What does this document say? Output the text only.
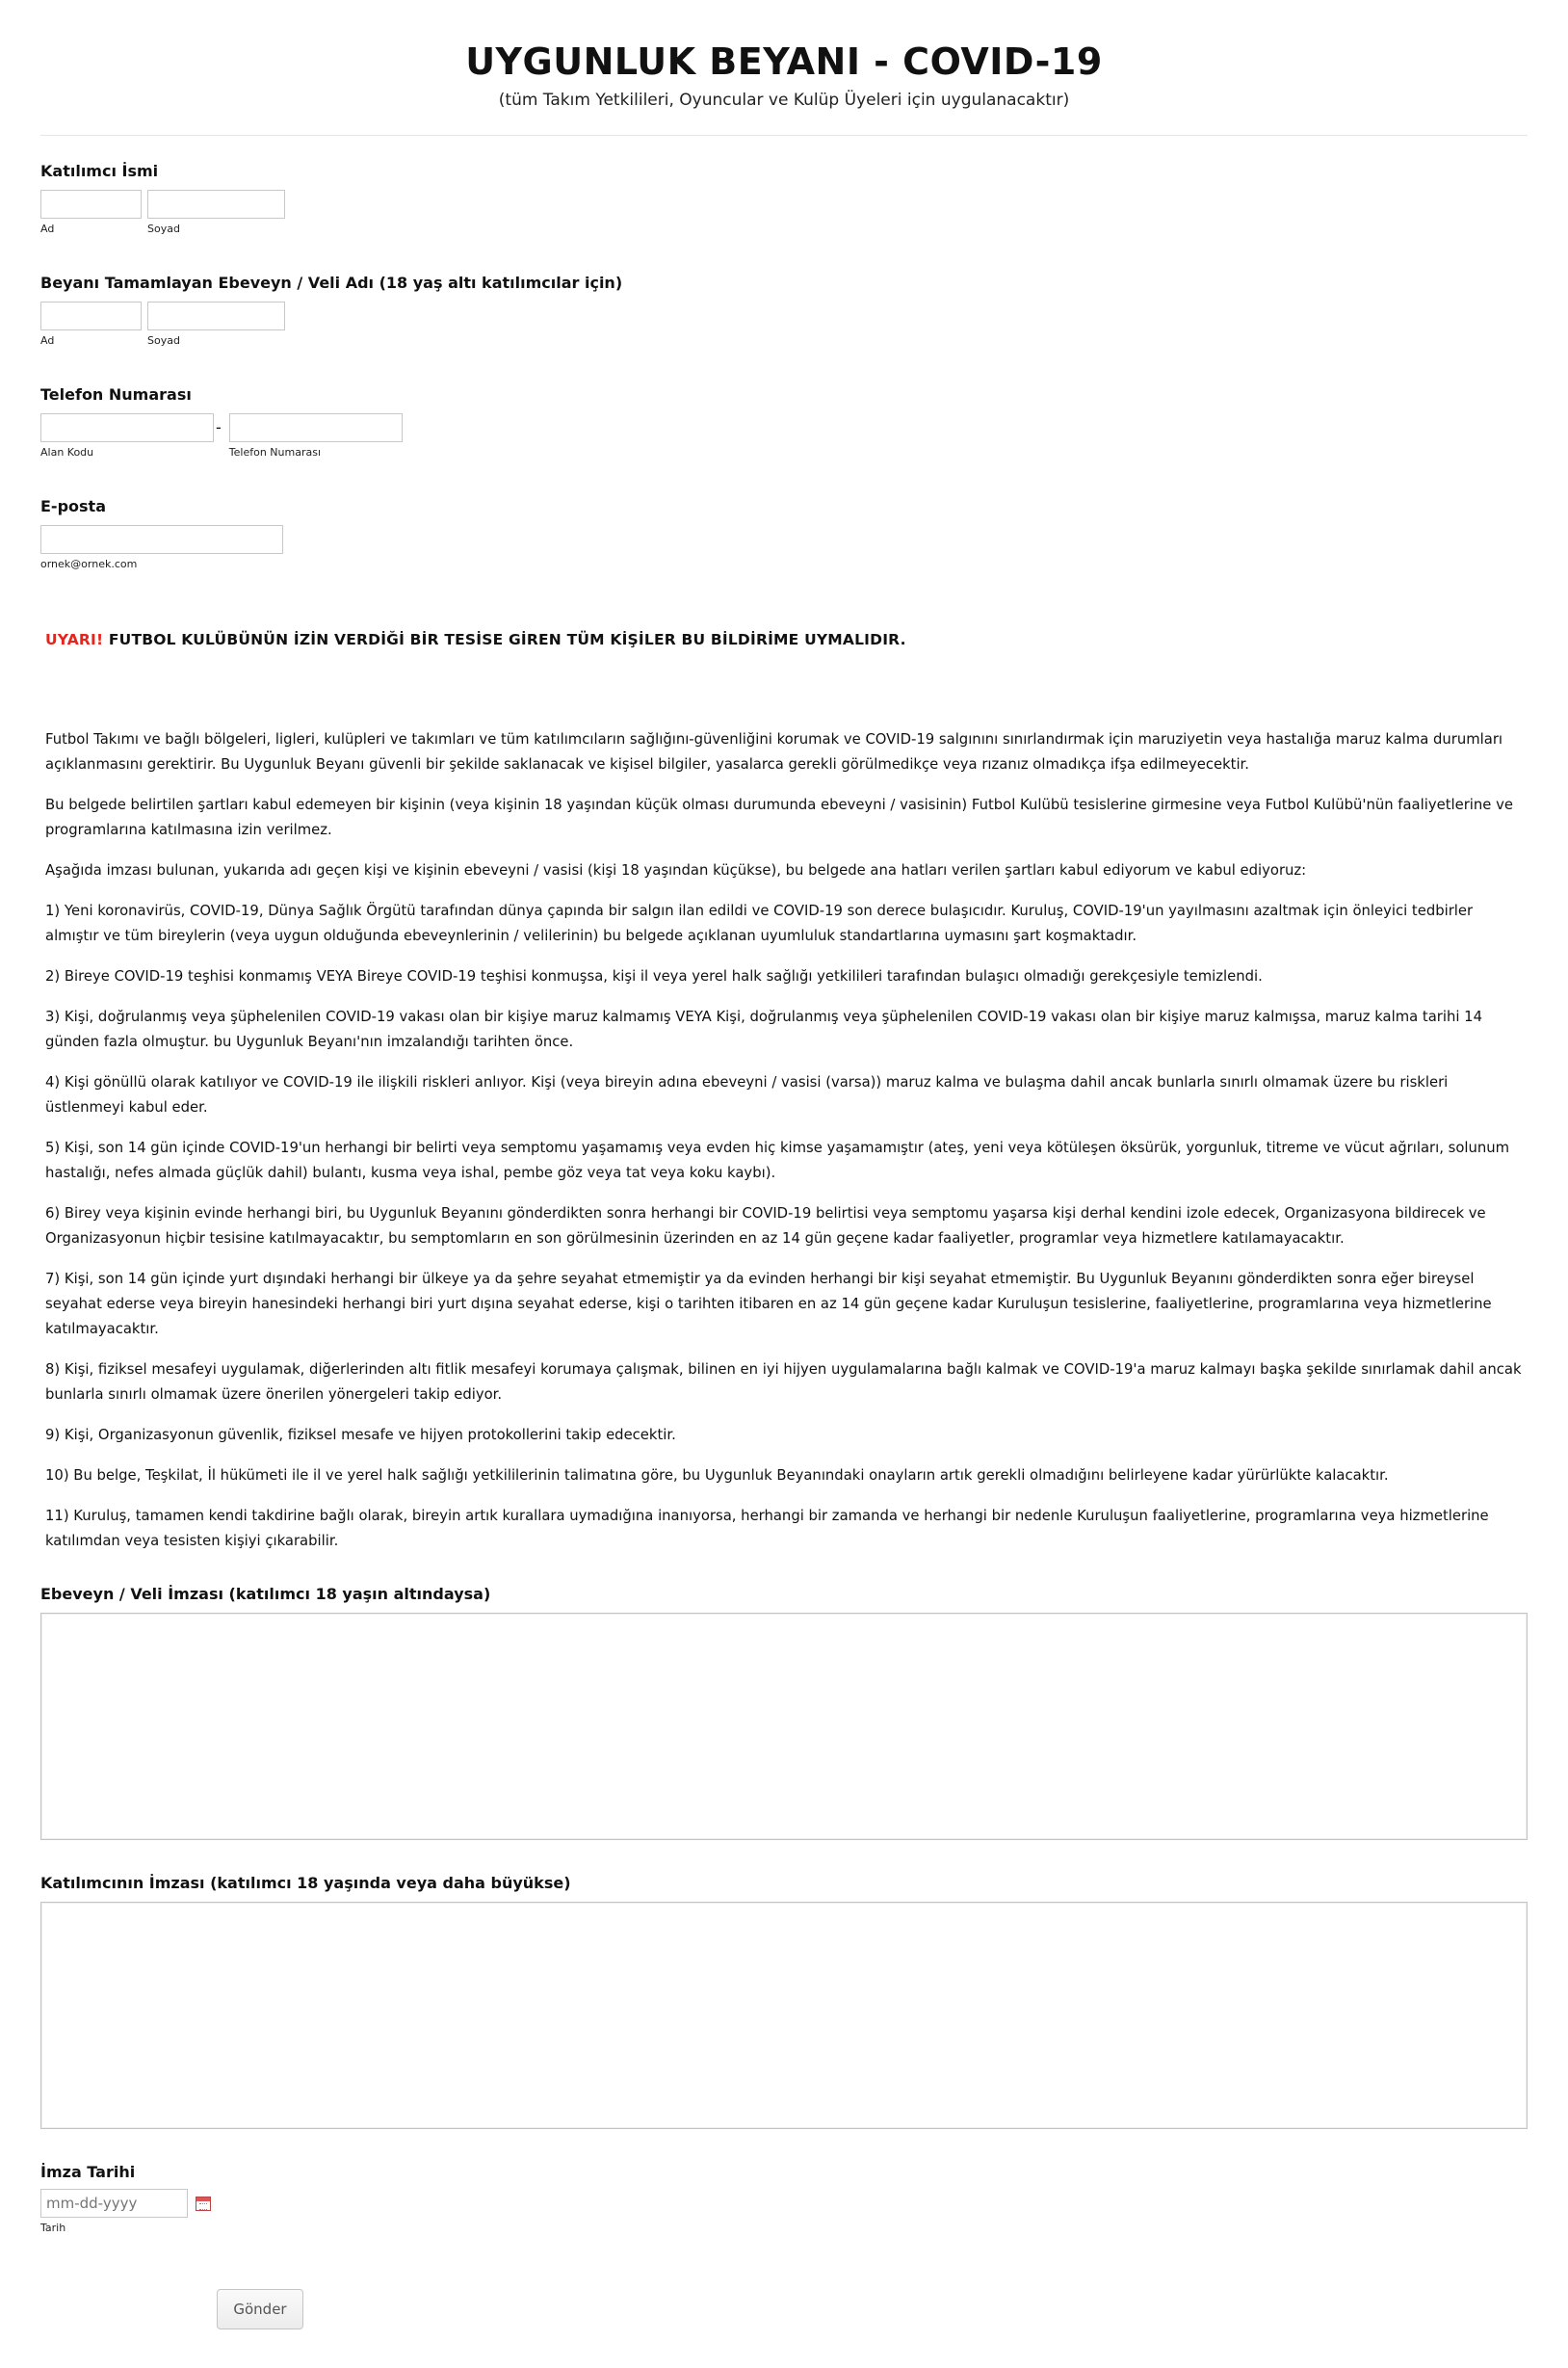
UYGUNLUK BEYANI - COVID-19
(tüm Takım Yetkilileri, Oyuncular ve Kulüp Üyeleri için uygulanacaktır)
Katılımcı İsmi
Ad	Soyad
Beyanı Tamamlayan Ebeveyn / Veli Adı (18 yaş altı katılımcılar için)
Ad	Soyad
Telefon Numarası
Alan Kodu
-
Telefon Numarası
E-posta
ornek@ornek.com
UYARI! FUTBOL KULÜBÜNÜN İZİN VERDİĞİ BİR TESİSE GİREN TÜM KİŞİLER BU BİLDİRİME UYMALIDIR.

Futbol Takımı ve bağlı bölgeleri, ligleri, kulüpleri ve takımları ve tüm katılımcıların sağlığını-güvenliğini korumak ve COVID-19 salgınını sınırlandırmak için maruziyetin veya hastalığa maruz kalma durumları açıklanmasını gerektirir. Bu Uygunluk Beyanı güvenli bir şekilde saklanacak ve kişisel bilgiler, yasalarca gerekli görülmedikçe veya rızanız olmadıkça ifşa edilmeyecektir.

Bu belgede belirtilen şartları kabul edemeyen bir kişinin (veya kişinin 18 yaşından küçük olması durumunda ebeveyni / vasisinin) Futbol Kulübü tesislerine girmesine veya Futbol Kulübü'nün faaliyetlerine ve programlarına katılmasına izin verilmez.

Aşağıda imzası bulunan, yukarıda adı geçen kişi ve kişinin ebeveyni / vasisi (kişi 18 yaşından küçükse), bu belgede ana hatları verilen şartları kabul ediyorum ve kabul ediyoruz:

1) Yeni koronavirüs, COVID-19, Dünya Sağlık Örgütü tarafından dünya çapında bir salgın ilan edildi ve COVID-19 son derece bulaşıcıdır. Kuruluş, COVID-19'un yayılmasını azaltmak için önleyici tedbirler almıştır ve tüm bireylerin (veya uygun olduğunda ebeveynlerinin / velilerinin) bu belgede açıklanan uyumluluk standartlarına uymasını şart koşmaktadır.

2) Bireye COVID-19 teşhisi konmamış VEYA Bireye COVID-19 teşhisi konmuşsa, kişi il veya yerel halk sağlığı yetkilileri tarafından bulaşıcı olmadığı gerekçesiyle temizlendi.

3) Kişi, doğrulanmış veya şüphelenilen COVID-19 vakası olan bir kişiye maruz kalmamış VEYA Kişi, doğrulanmış veya şüphelenilen COVID-19 vakası olan bir kişiye maruz kalmışsa, maruz kalma tarihi 14 günden fazla olmuştur. bu Uygunluk Beyanı'nın imzalandığı tarihten önce.

4) Kişi gönüllü olarak katılıyor ve COVID-19 ile ilişkili riskleri anlıyor. Kişi (veya bireyin adına ebeveyni / vasisi (varsa)) maruz kalma ve bulaşma dahil ancak bunlarla sınırlı olmamak üzere bu riskleri üstlenmeyi kabul eder.

5) Kişi, son 14 gün içinde COVID-19'un herhangi bir belirti veya semptomu yaşamamış veya evden hiç kimse yaşamamıştır (ateş, yeni veya kötüleşen öksürük, yorgunluk, titreme ve vücut ağrıları, solunum hastalığı, nefes almada güçlük dahil) bulantı, kusma veya ishal, pembe göz veya tat veya koku kaybı).

6) Birey veya kişinin evinde herhangi biri, bu Uygunluk Beyanını gönderdikten sonra herhangi bir COVID-19 belirtisi veya semptomu yaşarsa kişi derhal kendini izole edecek, Organizasyona bildirecek ve Organizasyonun hiçbir tesisine katılmayacaktır, bu semptomların en son görülmesinin üzerinden en az 14 gün geçene kadar faaliyetler, programlar veya hizmetlere katılamayacaktır.

7) Kişi, son 14 gün içinde yurt dışındaki herhangi bir ülkeye ya da şehre seyahat etmemiştir ya da evinden herhangi bir kişi seyahat etmemiştir. Bu Uygunluk Beyanını gönderdikten sonra eğer bireysel seyahat ederse veya bireyin hanesindeki herhangi biri yurt dışına seyahat ederse, kişi o tarihten itibaren en az 14 gün geçene kadar Kuruluşun tesislerine, faaliyetlerine, programlarına veya hizmetlerine katılmayacaktır.

8) Kişi, fiziksel mesafeyi uygulamak, diğerlerinden altı fitlik mesafeyi korumaya çalışmak, bilinen en iyi hijyen uygulamalarına bağlı kalmak ve COVID-19'a maruz kalmayı başka şekilde sınırlamak dahil ancak bunlarla sınırlı olmamak üzere önerilen yönergeleri takip ediyor.

9) Kişi, Organizasyonun güvenlik, fiziksel mesafe ve hijyen protokollerini takip edecektir.

10) Bu belge, Teşkilat, İl hükümeti ile il ve yerel halk sağlığı yetkililerinin talimatına göre, bu Uygunluk Beyanındaki onayların artık gerekli olmadığını belirleyene kadar yürürlükte kalacaktır.

11) Kuruluş, tamamen kendi takdirine bağlı olarak, bireyin artık kurallara uymadığına inanıyorsa, herhangi bir zamanda ve herhangi bir nedenle Kuruluşun faaliyetlerine, programlarına veya hizmetlerine katılımdan veya tesisten kişiyi çıkarabilir.

Ebeveyn / Veli İmzası (katılımcı 18 yaşın altındaysa)
Katılımcının İmzası (katılımcı 18 yaşında veya daha büyükse)
İmza Tarihi
mm-dd-yyyy
Tarih
Gönder
